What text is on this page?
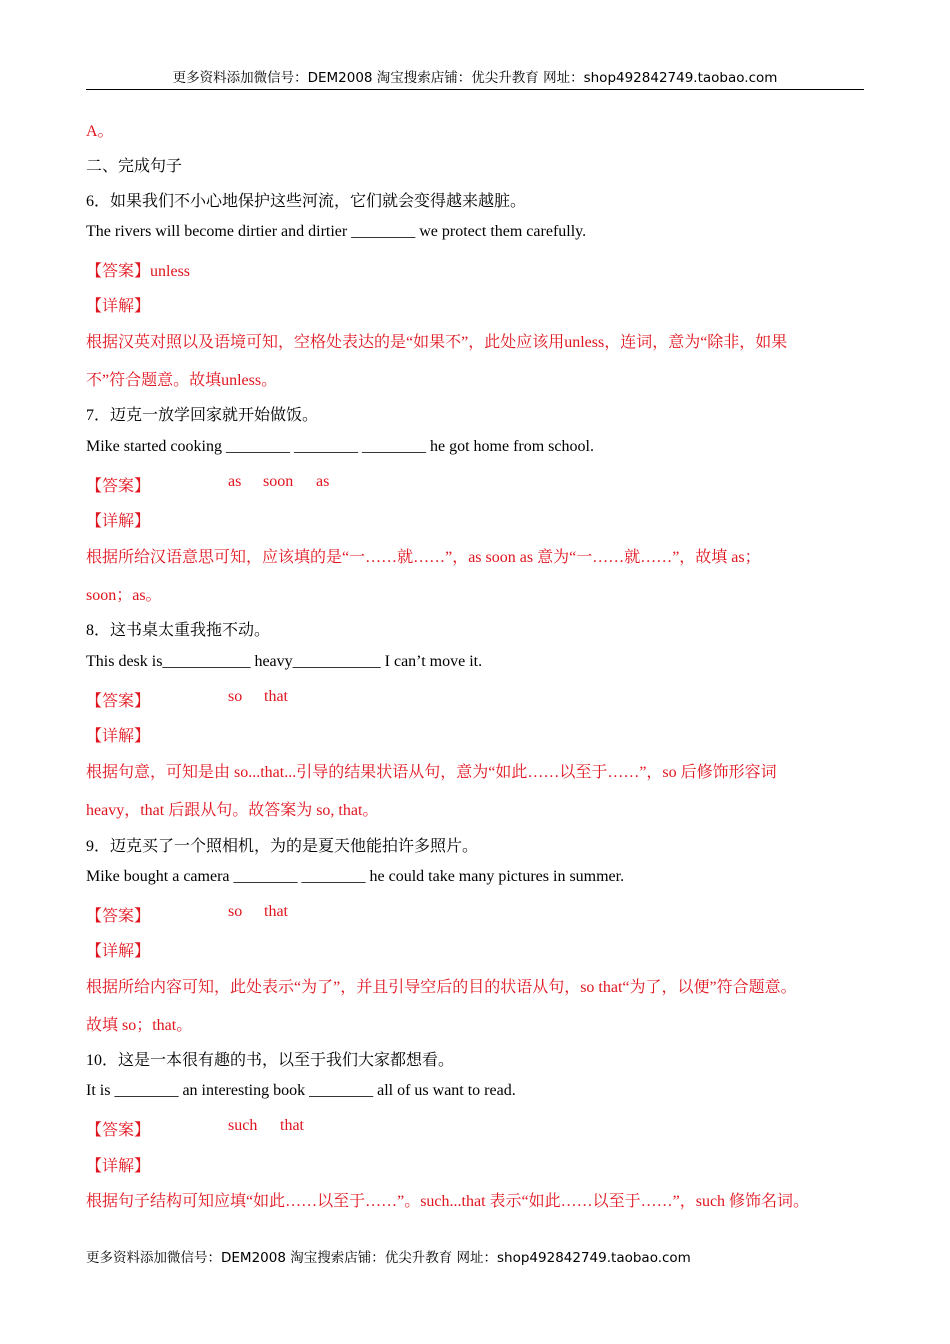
更多资料添加微信号：DEM2008 淘宝搜索店铺：优尖升教育 网址：shop492842749.taobao.com
A。
二、完成句子
6．如果我们不小心地保护这些河流，它们就会变得越来越脏。
The rivers will become dirtier and dirtier ________ we protect them carefully.
【答案】unless
【详解】
根据汉英对照以及语境可知，空格处表达的是“如果不”，此处应该用unless，连词，意为“除非，如果
不”符合题意。故填unless。
7．迈克一放学回家就开始做饭。
Mike started cooking ________ ________ ________ he got home from school.
【答案】	as soon as
【详解】
根据所给汉语意思可知，应该填的是“一……就……”，as soon as 意为“一……就……”，故填 as；
soon；as。
8．这书桌太重我拖不动。
This desk is___________ heavy___________ I can’t move it.
【答案】	so that
【详解】
根据句意，可知是由 so...that...引导的结果状语从句，意为“如此……以至于……”，so 后修饰形容词
heavy，that 后跟从句。故答案为 so, that。
9．迈克买了一个照相机，为的是夏天他能拍许多照片。
Mike bought a camera ________ ________ he could take many pictures in summer.
【答案】	so that
【详解】
根据所给内容可知，此处表示“为了”，并且引导空后的目的状语从句，so that“为了，以便”符合题意。
故填 so；that。
10．这是一本很有趣的书，以至于我们大家都想看。
It is ________ an interesting book ________ all of us want to read.
【答案】	such that
【详解】
根据句子结构可知应填“如此……以至于……”。such...that 表示“如此……以至于……”，such 修饰名词。
更多资料添加微信号：DEM2008 淘宝搜索店铺：优尖升教育 网址：shop492842749.taobao.com
